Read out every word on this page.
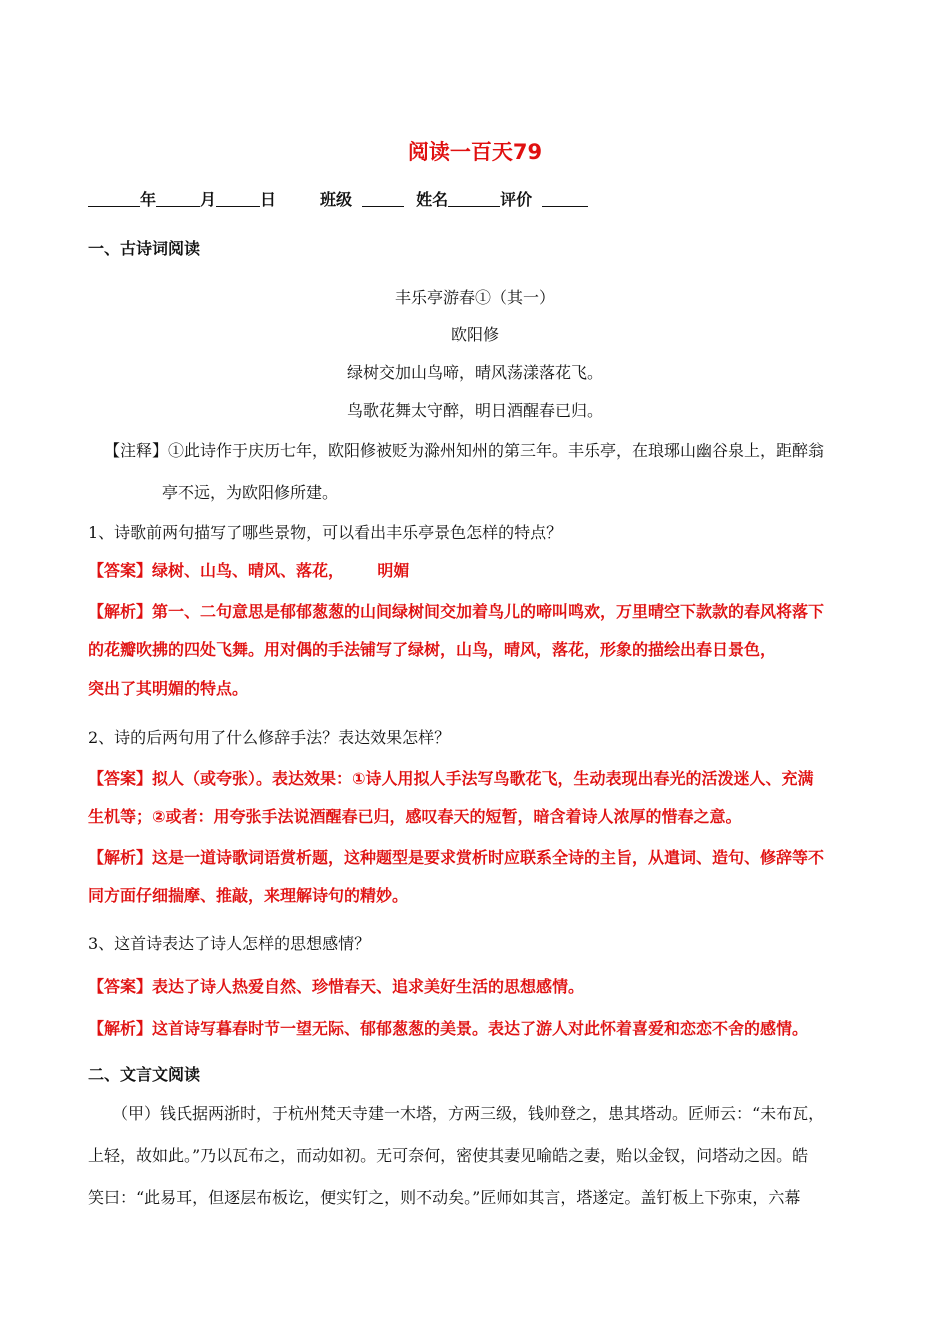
阅读一百天79
年	月	日	班级	姓名	评价
一、古诗词阅读
丰乐亭游春①（其一）
欧阳修
绿树交加山鸟啼，晴风荡漾落花飞。
鸟歌花舞太守醉，明日酒醒春已归。
【注释】①此诗作于庆历七年，欧阳修被贬为滁州知州的第三年。丰乐亭，在琅琊山幽谷泉上，距醉翁
亭不远，为欧阳修所建。
1、诗歌前两句描写了哪些景物，可以看出丰乐亭景色怎样的特点？
【答案】绿树、山鸟、晴风、落花，      明媚
【解析】第一、二句意思是郁郁葱葱的山间绿树间交加着鸟儿的啼叫鸣欢，万里晴空下款款的春风将落下
的花瓣吹拂的四处飞舞。用对偶的手法铺写了绿树，山鸟，晴风，落花，形象的描绘出春日景色，
突出了其明媚的特点。
2、诗的后两句用了什么修辞手法？表达效果怎样？
【答案】拟人（或夸张）。表达效果：①诗人用拟人手法写鸟歌花飞，生动表现出春光的活泼迷人、充满
生机等；②或者：用夸张手法说酒醒春已归，感叹春天的短暂，暗含着诗人浓厚的惜春之意。
【解析】这是一道诗歌词语赏析题，这种题型是要求赏析时应联系全诗的主旨，从遣词、造句、修辞等不
同方面仔细揣摩、推敲，来理解诗句的精妙。
3、这首诗表达了诗人怎样的思想感情？
【答案】表达了诗人热爱自然、珍惜春天、追求美好生活的思想感情。
【解析】这首诗写暮春时节一望无际、郁郁葱葱的美景。表达了游人对此怀着喜爱和恋恋不舍的感情。
二、文言文阅读
（甲）钱氏据两浙时，于杭州梵天寺建一木塔，方两三级，钱帅登之，患其塔动。匠师云：“未布瓦，
上轻，故如此。”乃以瓦布之，而动如初。无可奈何，密使其妻见喻皓之妻，贻以金钗，问塔动之因。皓
笑曰：“此易耳，但逐层布板讫，便实钉之，则不动矣。”匠师如其言，塔遂定。盖钉板上下弥束，六幕
